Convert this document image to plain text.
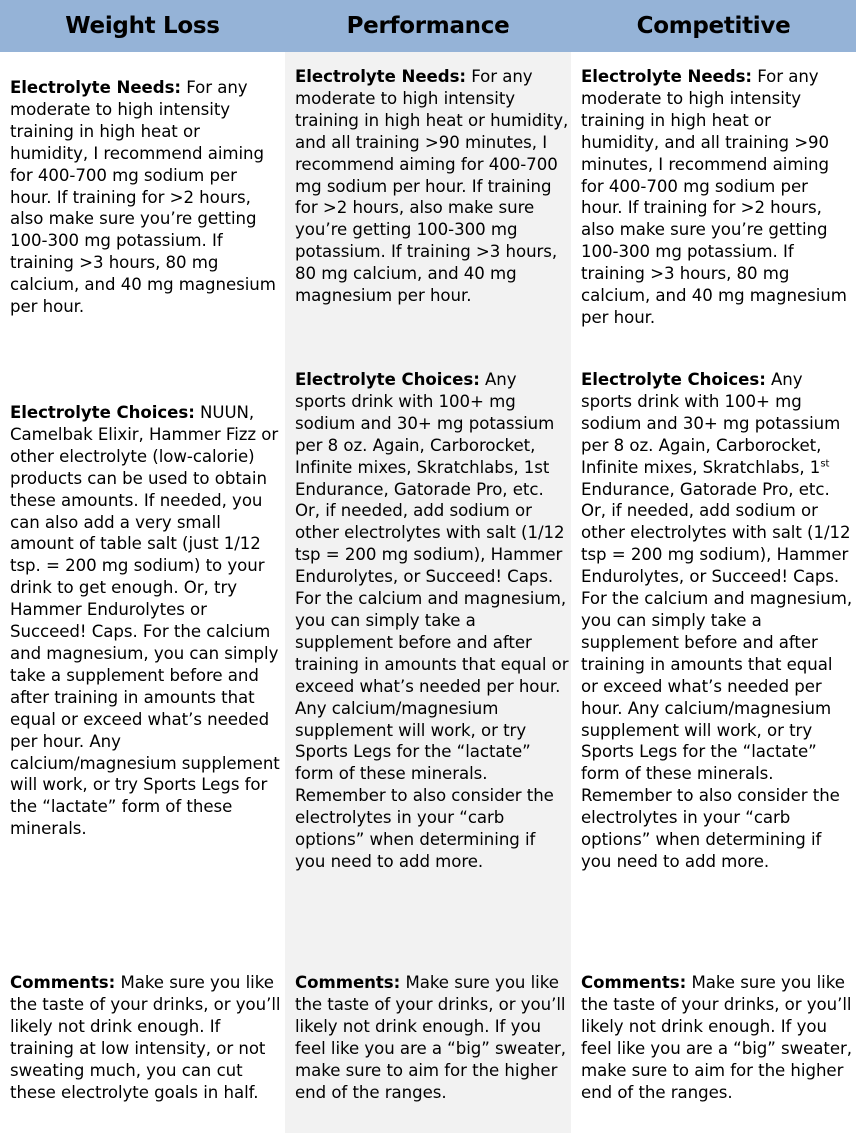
Weight Loss	Performance	Competitive
Electrolyte Needs: For any moderate to high intensity training in high heat or humidity, I recommend aiming for 400-700 mg sodium per hour. If training for >2 hours, also make sure you’re getting 100-300 mg potassium. If training >3 hours, 80 mg calcium, and 40 mg magnesium per hour.
Electrolyte Choices: NUUN, Camelbak Elixir, Hammer Fizz or other electrolyte (low-calorie) products can be used to obtain these amounts. If needed, you can also add a very small amount of table salt (just 1/12 tsp. = 200 mg sodium) to your drink to get enough. Or, try Hammer Endurolytes or Succeed! Caps. For the calcium and magnesium, you can simply take a supplement before and after training in amounts that equal or exceed what’s needed per hour. Any calcium/magnesium supplement will work, or try Sports Legs for the “lactate” form of these minerals.
Comments: Make sure you like the taste of your drinks, or you’ll likely not drink enough. If training at low intensity, or not sweating much, you can cut these electrolyte goals in half.
Electrolyte Needs: For any moderate to high intensity training in high heat or humidity, and all training >90 minutes, I recommend aiming for 400-700 mg sodium per hour. If training for >2 hours, also make sure you’re getting 100-300 mg potassium. If training >3 hours, 80 mg calcium, and 40 mg magnesium per hour.
Electrolyte Choices: Any sports drink with 100+ mg sodium and 30+ mg potassium per 8 oz. Again, Carborocket, Infinite mixes, Skratchlabs, 1st Endurance, Gatorade Pro, etc. Or, if needed, add sodium or other electrolytes with salt (1/12 tsp = 200 mg sodium), Hammer Endurolytes, or Succeed! Caps. For the calcium and magnesium, you can simply take a supplement before and after training in amounts that equal or exceed what’s needed per hour. Any calcium/magnesium supplement will work, or try Sports Legs for the “lactate” form of these minerals. Remember to also consider the electrolytes in your “carb options” when determining if you need to add more.
Comments: Make sure you like the taste of your drinks, or you’ll likely not drink enough. If you feel like you are a “big” sweater, make sure to aim for the higher end of the ranges.
Electrolyte Needs: For any moderate to high intensity training in high heat or humidity, and all training >90 minutes, I recommend aiming for 400-700 mg sodium per hour. If training for >2 hours, also make sure you’re getting 100-300 mg potassium. If training >3 hours, 80 mg calcium, and 40 mg magnesium per hour.
Electrolyte Choices: Any sports drink with 100+ mg sodium and 30+ mg potassium per 8 oz. Again, Carborocket, Infinite mixes, Skratchlabs, 1st Endurance, Gatorade Pro, etc. Or, if needed, add sodium or other electrolytes with salt (1/12 tsp = 200 mg sodium), Hammer Endurolytes, or Succeed! Caps. For the calcium and magnesium, you can simply take a supplement before and after training in amounts that equal or exceed what’s needed per hour. Any calcium/magnesium supplement will work, or try Sports Legs for the “lactate” form of these minerals. Remember to also consider the electrolytes in your “carb options” when determining if you need to add more.
Comments: Make sure you like the taste of your drinks, or you’ll likely not drink enough. If you feel like you are a “big” sweater, make sure to aim for the higher end of the ranges.
